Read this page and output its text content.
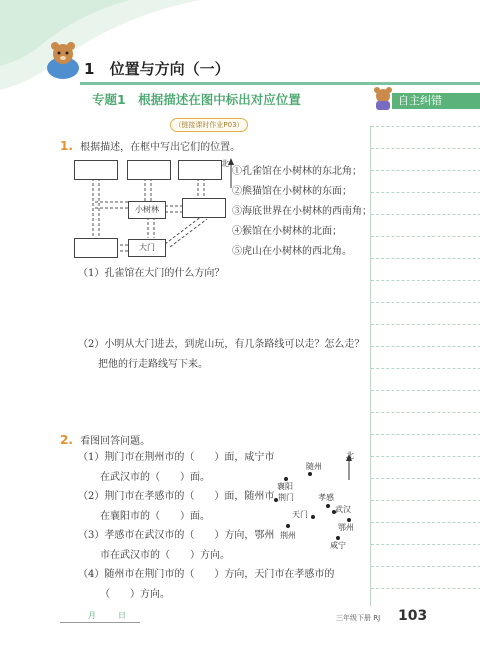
1 位置与方向（一）
专题1　根据描述在图中标出对应位置	自主纠错
（链接课时作业P03）
1. 根据描述，在框中写出它们的位置。
小树林
大门
北
①孔雀馆在小树林的东北角；
②熊猫馆在小树林的东面；
③海底世界在小树林的西南角；
④猴馆在小树林的北面；
⑤虎山在小树林的西北角。
（1）孔雀馆在大门的什么方向？
（2）小明从大门进去，到虎山玩，有几条路线可以走？怎么走？
把他的行走路线写下来。
2. 看图回答问题。
（1）荆门市在荆州市的（　　）面，咸宁市
在武汉市的（　　）面。
（2）荆门市在孝感市的（　　）面，随州市
在襄阳市的（　　）面。
（3）孝感市在武汉市的（　　）方向，鄂州
市在武汉市的（　　）方向。
（4）随州市在荆门市的（　　）方向，天门市在孝感市的
（　　）方向。
随州
襄阳
荆门	孝感
武汉
天门
鄂州
荆州
咸宁
北
月	日	三年级下册 RJ 103
